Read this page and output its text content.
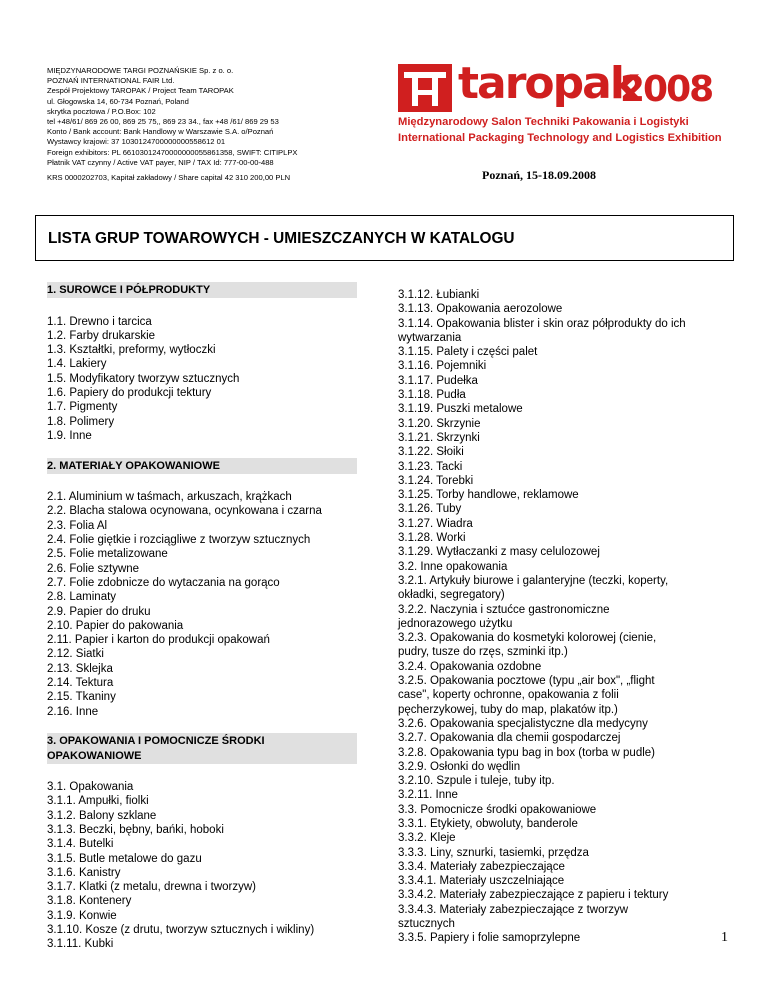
MIĘDZYNARODOWE TARGI POZNAŃSKIE Sp. z o. o.
POZNAŃ INTERNATIONAL FAIR Ltd.
Zespół Projektowy TAROPAK / Project Team TAROPAK
ul. Głogowska 14, 60-734 Poznań, Poland
skrytka pocztowa / P.O.Box: 102
tel +48/61/ 869 26 00, 869 25 75,, 869 23 34., fax +48 /61/ 869 29 53
Konto / Bank account: Bank Handlowy w Warszawie S.A. o/Poznań
Wystawcy krajowi: 37 1030124700000000558612 01
Foreign exhibitors: PL 66103012470000000055861358, SWIFT: CITIPLPX
Płatnik VAT czynny / Active VAT payer, NIP / TAX Id: 777-00-00-488
KRS 0000202703, Kapitał zakładowy / Share capital 42 310 200,00 PLN
taropak
2008
Międzynarodowy Salon Techniki Pakowania i Logistyki
International Packaging Technology and Logistics Exhibition
Poznań, 15-18.09.2008
LISTA GRUP TOWAROWYCH - UMIESZCZANYCH W KATALOGU
1. SUROWCE I PÓŁPRODUKTY
1.1. Drewno i tarcica
1.2. Farby drukarskie
1.3. Kształtki, preformy, wytłoczki
1.4. Lakiery
1.5. Modyfikatory tworzyw sztucznych
1.6. Papiery do produkcji tektury
1.7. Pigmenty
1.8. Polimery
1.9. Inne
2. MATERIAŁY OPAKOWANIOWE
2.1. Aluminium w taśmach, arkuszach, krążkach
2.2. Blacha stalowa ocynowana, ocynkowana i czarna
2.3. Folia Al
2.4. Folie giętkie i rozciągliwe z tworzyw sztucznych
2.5. Folie metalizowane
2.6. Folie sztywne
2.7. Folie zdobnicze do wytaczania na gorąco
2.8. Laminaty
2.9. Papier do druku
2.10. Papier do pakowania
2.11. Papier i karton do produkcji opakowań
2.12. Siatki
2.13. Sklejka
2.14. Tektura
2.15. Tkaniny
2.16. Inne
3. OPAKOWANIA I POMOCNICZE ŚRODKI
OPAKOWANIOWE
3.1. Opakowania
3.1.1. Ampułki, fiolki
3.1.2. Balony szklane
3.1.3. Beczki, bębny, bańki, hoboki
3.1.4. Butelki
3.1.5. Butle metalowe do gazu
3.1.6. Kanistry
3.1.7. Klatki (z metalu, drewna i tworzyw)
3.1.8. Kontenery
3.1.9. Konwie
3.1.10. Kosze (z drutu, tworzyw sztucznych i wikliny)
3.1.11. Kubki
3.1.12. Łubianki
3.1.13. Opakowania aerozolowe
3.1.14. Opakowania blister i skin oraz półprodukty do ich
wytwarzania
3.1.15. Palety i części palet
3.1.16. Pojemniki
3.1.17. Pudełka
3.1.18. Pudła
3.1.19. Puszki metalowe
3.1.20. Skrzynie
3.1.21. Skrzynki
3.1.22. Słoiki
3.1.23. Tacki
3.1.24. Torebki
3.1.25. Torby handlowe, reklamowe
3.1.26. Tuby
3.1.27. Wiadra
3.1.28. Worki
3.1.29. Wytłaczanki z masy celulozowej
3.2. Inne opakowania
3.2.1. Artykuły biurowe i galanteryjne (teczki, koperty,
okładki, segregatory)
3.2.2. Naczynia i sztućce gastronomiczne
jednorazowego użytku
3.2.3. Opakowania do kosmetyki kolorowej (cienie,
pudry, tusze do rzęs, szminki itp.)
3.2.4. Opakowania ozdobne
3.2.5. Opakowania pocztowe (typu „air box", „flight
case", koperty ochronne, opakowania z folii
pęcherzykowej, tuby do map, plakatów itp.)
3.2.6. Opakowania specjalistyczne dla medycyny
3.2.7. Opakowania dla chemii gospodarczej
3.2.8. Opakowania typu bag in box (torba w pudle)
3.2.9. Osłonki do wędlin
3.2.10. Szpule i tuleje, tuby itp.
3.2.11. Inne
3.3. Pomocnicze środki opakowaniowe
3.3.1. Etykiety, obwoluty, banderole
3.3.2. Kleje
3.3.3. Liny, sznurki, tasiemki, przędza
3.3.4. Materiały zabezpieczające
3.3.4.1. Materiały uszczelniające
3.3.4.2. Materiały zabezpieczające z papieru i tektury
3.3.4.3. Materiały zabezpieczające z tworzyw
sztucznych
3.3.5. Papiery i folie samoprzylepne	1
